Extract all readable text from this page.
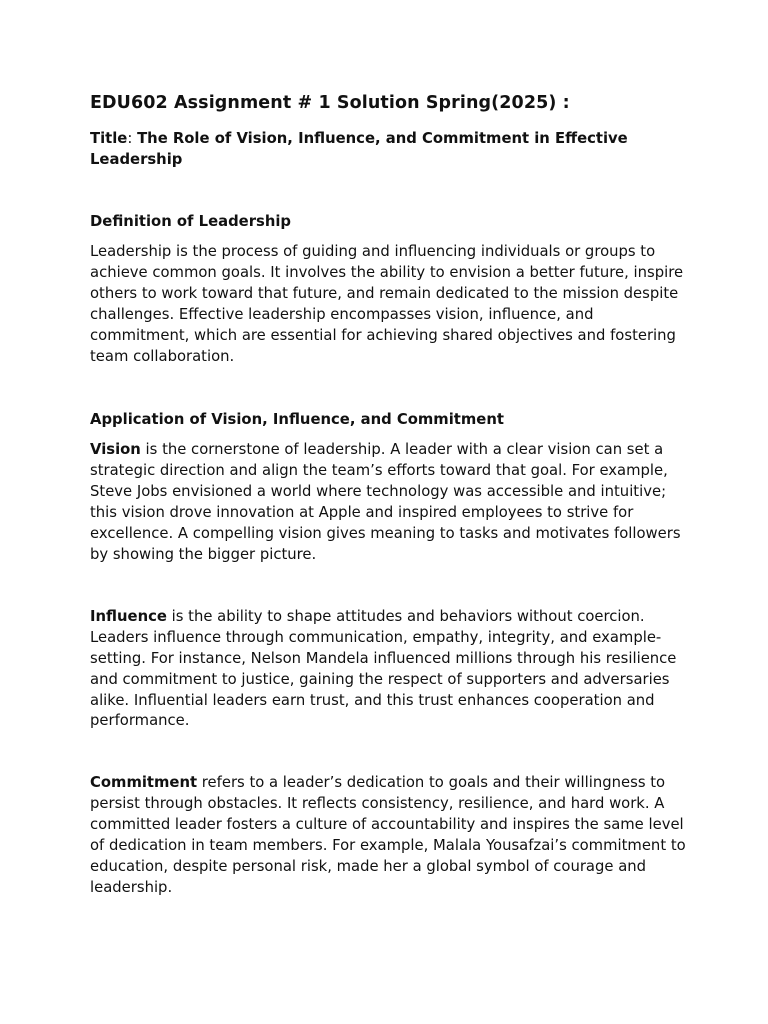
EDU602 Assignment # 1 Solution Spring(2025) :
Title: The Role of Vision, Influence, and Commitment in Effective Leadership
Definition of Leadership

Leadership is the process of guiding and influencing individuals or groups to achieve common goals. It involves the ability to envision a better future, inspire others to work toward that future, and remain dedicated to the mission despite challenges. Effective leadership encompasses vision, influence, and commitment, which are essential for achieving shared objectives and fostering team collaboration.

Application of Vision, Influence, and Commitment

Vision is the cornerstone of leadership. A leader with a clear vision can set a strategic direction and align the team’s efforts toward that goal. For example, Steve Jobs envisioned a world where technology was accessible and intuitive; this vision drove innovation at Apple and inspired employees to strive for excellence. A compelling vision gives meaning to tasks and motivates followers by showing the bigger picture.

Influence is the ability to shape attitudes and behaviors without coercion. Leaders influence through communication, empathy, integrity, and example-setting. For instance, Nelson Mandela influenced millions through his resilience and commitment to justice, gaining the respect of supporters and adversaries alike. Influential leaders earn trust, and this trust enhances cooperation and performance.

Commitment refers to a leader’s dedication to goals and their willingness to persist through obstacles. It reflects consistency, resilience, and hard work. A committed leader fosters a culture of accountability and inspires the same level of dedication in team members. For example, Malala Yousafzai’s commitment to education, despite personal risk, made her a global symbol of courage and leadership.
